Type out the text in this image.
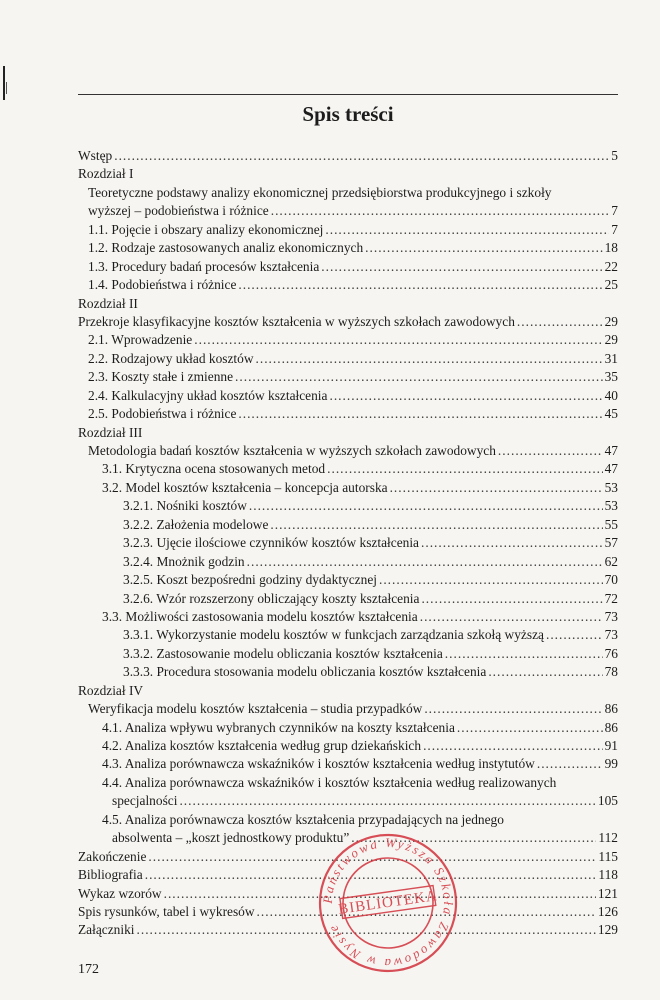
Spis treści
Wstęp .....	5
Rozdział I
Teoretyczne podstawy analizy ekonomicznej przedsiębiorstwa produkcyjnego i szkoły
wyższej – podobieństwa i różnice .....	7
1.1. Pojęcie i obszary analizy ekonomicznej .....	7
1.2. Rodzaje zastosowanych analiz ekonomicznych .....	18
1.3. Procedury badań procesów kształcenia .....	22
1.4. Podobieństwa i różnice .....	25
Rozdział II
Przekroje klasyfikacyjne kosztów kształcenia w wyższych szkołach zawodowych .....	29
2.1. Wprowadzenie .....	29
2.2. Rodzajowy układ kosztów .....	31
2.3. Koszty stałe i zmienne .....	35
2.4. Kalkulacyjny układ kosztów kształcenia .....	40
2.5. Podobieństwa i różnice .....	45
Rozdział III
Metodologia badań kosztów kształcenia w wyższych szkołach zawodowych .....	47
3.1. Krytyczna ocena stosowanych metod .....	47
3.2. Model kosztów kształcenia – koncepcja autorska .....	53
3.2.1. Nośniki kosztów .....	53
3.2.2. Założenia modelowe .....	55
3.2.3. Ujęcie ilościowe czynników kosztów kształcenia .....	57
3.2.4. Mnożnik godzin .....	62
3.2.5. Koszt bezpośredni godziny dydaktycznej .....	70
3.2.6. Wzór rozszerzony obliczający koszty kształcenia .....	72
3.3. Możliwości zastosowania modelu kosztów kształcenia .....	73
3.3.1. Wykorzystanie modelu kosztów w funkcjach zarządzania szkołą wyższą .....	73
3.3.2. Zastosowanie modelu obliczania kosztów kształcenia .....	76
3.3.3. Procedura stosowania modelu obliczania kosztów kształcenia .....	78
Rozdział IV
Weryfikacja modelu kosztów kształcenia – studia przypadków .....	86
4.1. Analiza wpływu wybranych czynników na koszty kształcenia .....	86
4.2. Analiza kosztów kształcenia według grup dziekańskich .....	91
4.3. Analiza porównawcza wskaźników i kosztów kształcenia według instytutów .....	99
4.4. Analiza porównawcza wskaźników i kosztów kształcenia według realizowanych
specjalności .....	105
4.5. Analiza porównawcza kosztów kształcenia przypadających na jednego
absolwenta – „koszt jednostkowy produktu” .....	112
Zakończenie .....	115
Bibliografia .....	118
Wykaz wzorów .....	121
Spis rysunków, tabel i wykresów .....	126
Załączniki .....	129
172
Państwowa Wyższa Szkoła Zawodowa w Nysie
BIBLIOTEKA
